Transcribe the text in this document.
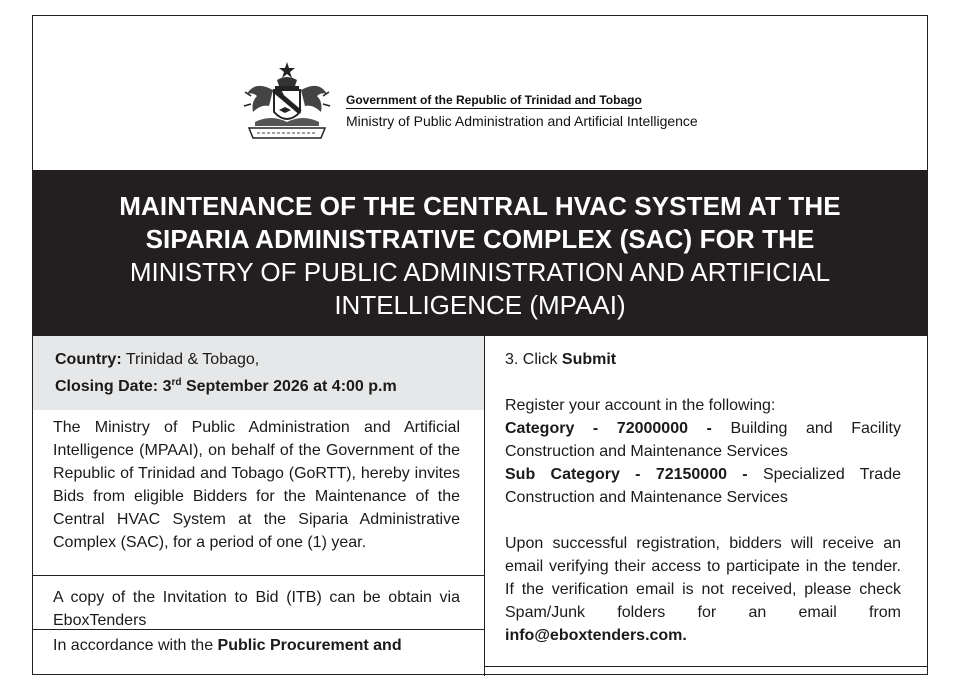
Government of the Republic of Trinidad and Tobago
Ministry of Public Administration and Artificial Intelligence
MAINTENANCE OF THE CENTRAL HVAC SYSTEM AT THE
SIPARIA ADMINISTRATIVE COMPLEX (SAC) FOR THE
MINISTRY OF PUBLIC ADMINISTRATION AND ARTIFICIAL
INTELLIGENCE (MPAAI)
Country: Trinidad & Tobago,
Closing Date: 3rd September 2026 at 4:00 p.m
The Ministry of Public Administration and Artificial Intelligence (MPAAI), on behalf of the Government of the Republic of Trinidad and Tobago (GoRTT), hereby invites Bids from eligible Bidders for the Maintenance of the Central HVAC System at the Siparia Administrative Complex (SAC), for a period of one (1) year.
A copy of the Invitation to Bid (ITB) can be obtain via EboxTenders
In accordance with the Public Procurement and
3. Click Submit
Register your account in the following:
Category - 72000000 - Building and Facility Construction and Maintenance Services
Sub Category - 72150000 - Specialized Trade Construction and Maintenance Services
Upon successful registration, bidders will receive an email verifying their access to participate in the tender. If the verification email is not received, please check Spam/Junk folders for an email from info@eboxtenders.com.
